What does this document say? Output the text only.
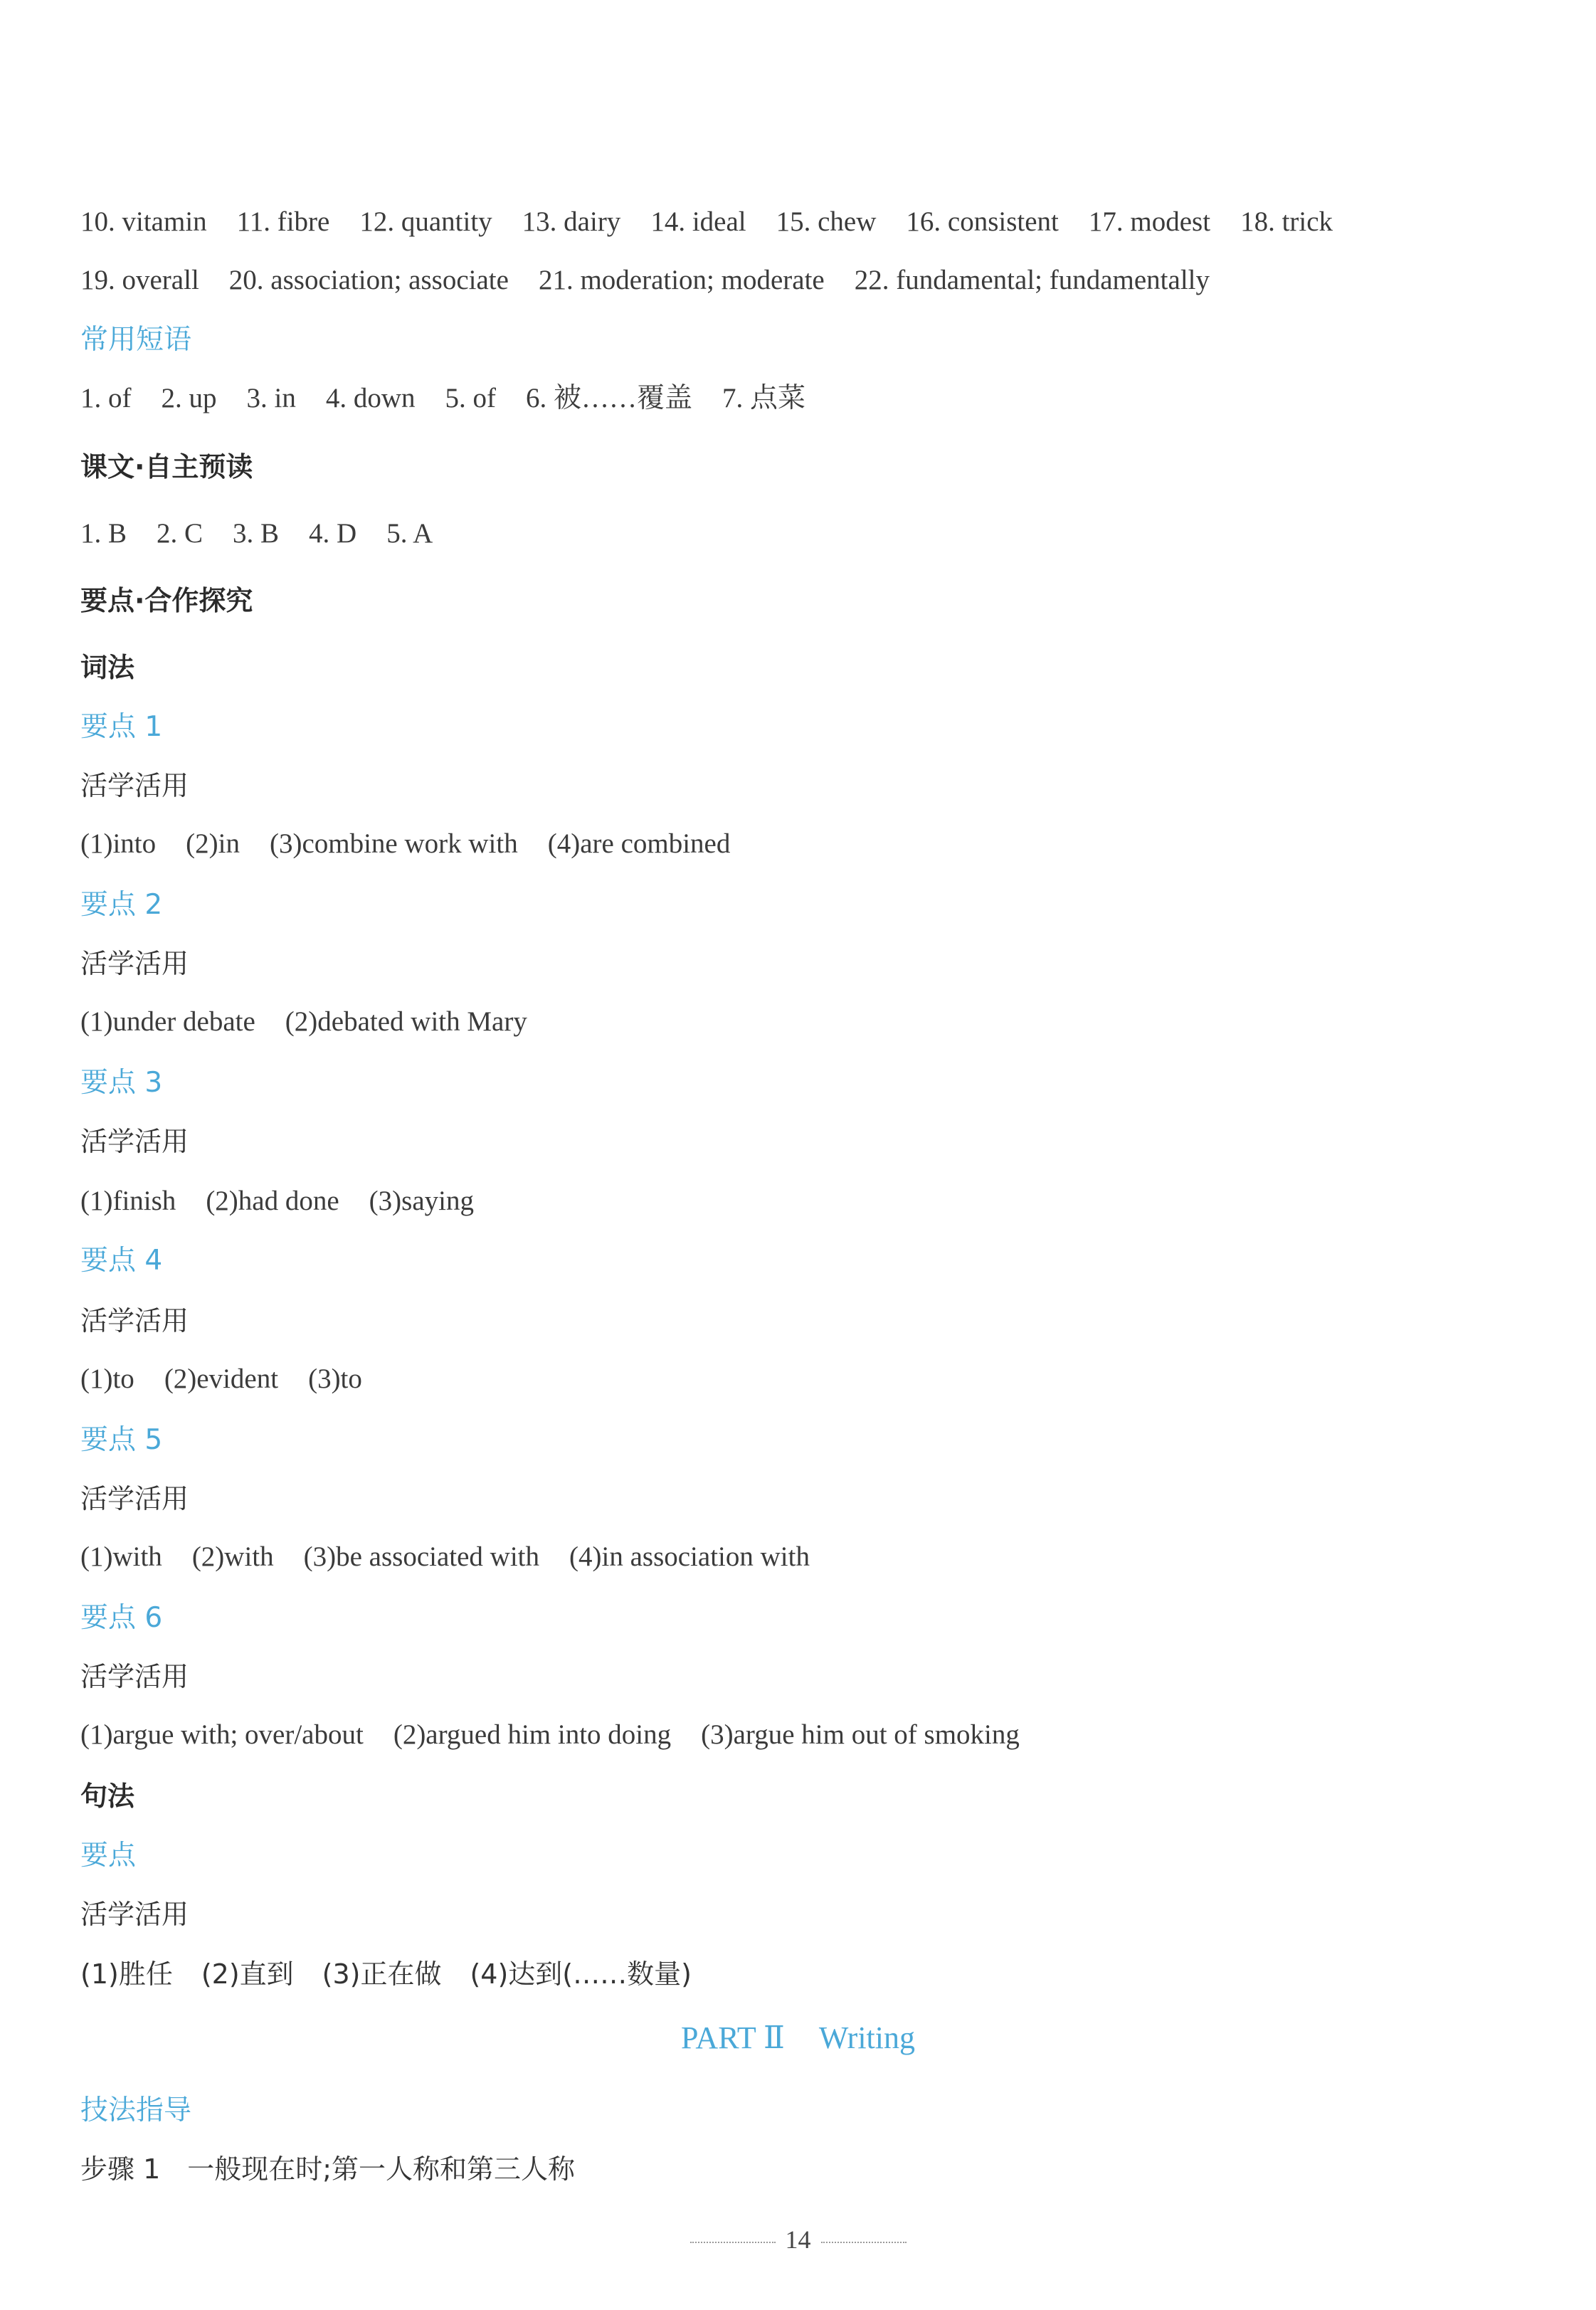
10. vitamin 11. fibre 12. quantity 13. dairy 14. ideal 15. chew 16. consistent 17. modest 18. trick
19. overall 20. association; associate 21. moderation; moderate 22. fundamental; fundamentally
常用短语
1. of 2. up 3. in 4. down 5. of 6. 被……覆盖 7. 点菜
课文·自主预读
1. B 2. C 3. B 4. D 5. A
要点·合作探究
词法
要点 1
活学活用
(1)into (2)in (3)combine work with (4)are combined
要点 2
活学活用
(1)under debate (2)debated with Mary
要点 3
活学活用
(1)finish (2)had done (3)saying
要点 4
活学活用
(1)to (2)evident (3)to
要点 5
活学活用
(1)with (2)with (3)be associated with (4)in association with
要点 6
活学活用
(1)argue with; over/about (2)argued him into doing (3)argue him out of smoking
句法
要点
活学活用
(1)胜任 (2)直到 (3)正在做 (4)达到(……数量)
PART Ⅱ Writing
技法指导
步骤 1　一般现在时;第一人称和第三人称
14
